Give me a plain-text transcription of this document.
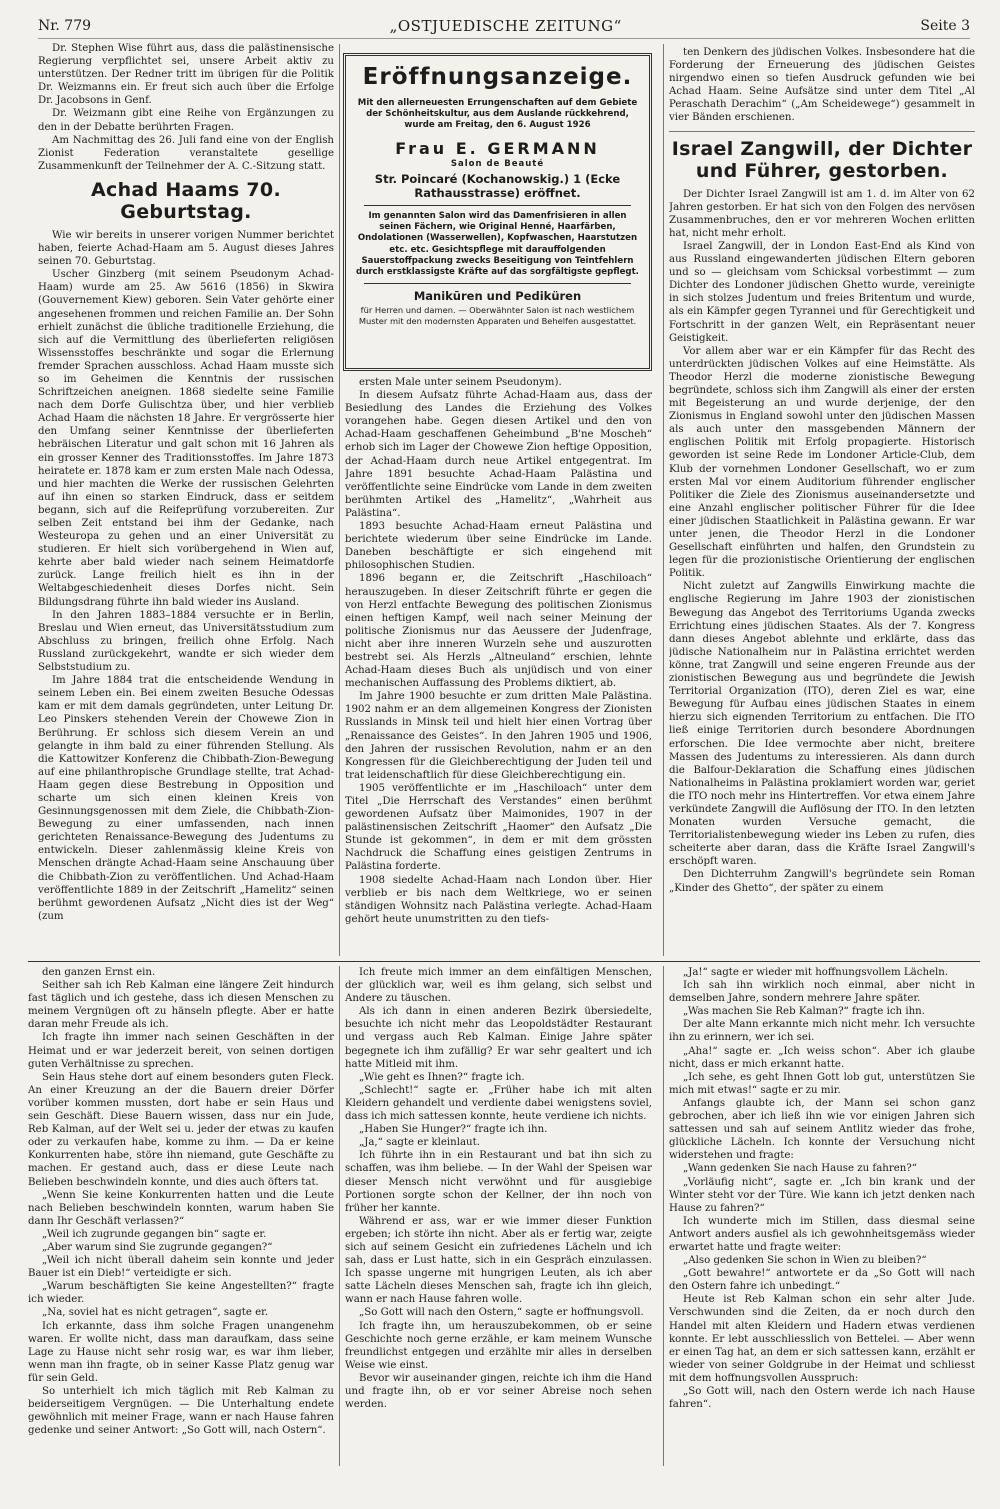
Nr. 779	„OSTJUEDISCHE ZEITUNG“	Seite 3

Dr. Stephen Wise führt aus, dass die palästinensische Regierung verpflichtet sei, unsere Arbeit aktiv zu unterstützen. Der Redner tritt im übrigen für die Politik Dr. Weizmanns ein. Er freut sich auch über die Erfolge Dr. Jacobsons in Genf.

Dr. Weizmann gibt eine Reihe von Ergänzungen zu den in der Debatte berührten Fragen.

Am Nachmittag des 26. Juli fand eine von der English Zionist Federation veranstaltete gesellige Zusammenkunft der Teilnehmer der A. C.-Sitzung statt.

Achad Haams 70. Geburtstag.

Wie wir bereits in unserer vorigen Nummer berichtet haben, feierte Achad-Haam am 5. August dieses Jahres seinen 70. Geburtstag.

Uscher Ginzberg (mit seinem Pseudonym Achad-Haam) wurde am 25. Aw 5616 (1856) in Skwira (Gouvernement Kiew) geboren. Sein Vater gehörte einer angesehenen frommen und reichen Familie an. Der Sohn erhielt zunächst die übliche traditionelle Erziehung, die sich auf die Vermittlung des überlieferten religiösen Wissensstoffes beschränkte und sogar die Erlernung fremder Sprachen ausschloss. Achad Haam musste sich so im Geheimen die Kenntnis der russischen Schriftzeichen aneignen. 1868 siedelte seine Familie nach dem Dorfe Gulischtza über, und hier verblieb Achad Haam die nächsten 18 Jahre. Er vergrösserte hier den Umfang seiner Kenntnisse der überlieferten hebräischen Literatur und galt schon mit 16 Jahren als ein grosser Kenner des Traditionsstoffes. Im Jahre 1873 heiratete er. 1878 kam er zum ersten Male nach Odessa, und hier machten die Werke der russischen Gelehrten auf ihn einen so starken Eindruck, dass er seitdem begann, sich auf die Reifeprüfung vorzubereiten. Zur selben Zeit entstand bei ihm der Gedanke, nach Westeuropa zu gehen und an einer Universität zu studieren. Er hielt sich vorübergehend in Wien auf, kehrte aber bald wieder nach seinem Heimatdorfe zurück. Lange freilich hielt es ihn in der Weltabgeschiedenheit dieses Dorfes nicht. Sein Bildungsdrang führte ihn bald wieder ins Ausland.

In den Jahren 1883–1884 versuchte er in Berlin, Breslau und Wien erneut, das Universitätsstudium zum Abschluss zu bringen, freilich ohne Erfolg. Nach Russland zurückgekehrt, wandte er sich wieder dem Selbststudium zu.

Im Jahre 1884 trat die entscheidende Wendung in seinem Leben ein. Bei einem zweiten Besuche Odessas kam er mit dem damals gegründeten, unter Leitung Dr. Leo Pinskers stehenden Verein der Chowewe Zion in Berührung. Er schloss sich diesem Verein an und gelangte in ihm bald zu einer führenden Stellung. Als die Kattowitzer Konferenz die Chibbath-Zion-Bewegung auf eine philanthropische Grundlage stellte, trat Achad-Haam gegen diese Bestrebung in Opposition und scharte um sich einen kleinen Kreis von Gesinnungsgenossen mit dem Ziele, die Chibbath-Zion-Bewegung zu einer umfassenden, nach innen gerichteten Renaissance-Bewegung des Judentums zu entwickeln. Dieser zahlenmässig kleine Kreis von Menschen drängte Achad-Haam seine Anschauung über die Chibbath-Zion zu veröffentlichen. Und Achad-Haam veröffentlichte 1889 in der Zeitschrift „Hamelitz“ seinen berühmt gewordenen Aufsatz „Nicht dies ist der Weg“ (zum

Eröffnungsanzeige.
Mit den allerneuesten Errungenschaften auf dem Gebiete der Schönheitskultur, aus dem Auslande rückkehrend, wurde am Freitag, den 6. August 1926
Frau E. GERMANN
Salon de Beauté
Str. Poincaré (Kochanowskig.) 1 (Ecke Rathausstrasse) eröffnet.
Im genannten Salon wird das Damenfrisieren in allen seinen Fächern, wie Original Henné, Haarfärben, Ondolationen (Wasserwellen), Kopfwaschen, Haarstutzen etc. etc. Gesichtspflege mit darauffolgenden Sauerstoffpackung zwecks Beseitigung von Teintfehlern durch erstklassigste Kräfte auf das sorgfältigste gepflegt.
Manikūren und Pediküren
für Herren und damen. — Oberwähnter Salon ist nach westlichem Muster mit den modernsten Apparaten und Behelfen ausgestattet.

ersten Male unter seinem Pseudonym).

In diesem Aufsatz führte Achad-Haam aus, dass der Besiedlung des Landes die Erziehung des Volkes vorangehen habe. Gegen diesen Artikel und den von Achad-Haam geschaffenen Geheimbund „B'ne Moscheh“ erhob sich im Lager der Chowewe Zion heftige Opposition, der Achad-Haam durch neue Artikel entgegentrat. Im Jahre 1891 besuchte Achad-Haam Palästina und veröffentlichte seine Eindrücke vom Lande in dem zweiten berühmten Artikel des „Hamelitz“, „Wahrheit aus Palästina“.

1893 besuchte Achad-Haam erneut Palästina und berichtete wiederum über seine Eindrücke im Lande. Daneben beschäftigte er sich eingehend mit philosophischen Studien.

1896 begann er, die Zeitschrift „Haschiloach“ herauszugeben. In dieser Zeitschrift führte er gegen die von Herzl entfachte Bewegung des politischen Zionismus einen heftigen Kampf, weil nach seiner Meinung der politische Zionismus nur das Aeussere der Judenfrage, nicht aber ihre inneren Wurzeln sehe und auszurotten bestrebt sei. Als Herzls „Altneuland“ erschien, lehnte Achad-Haam dieses Buch als unjüdisch und von einer mechanischen Auffassung des Problems diktiert, ab.

Im Jahre 1900 besuchte er zum dritten Male Palästina. 1902 nahm er an dem allgemeinen Kongress der Zionisten Russlands in Minsk teil und hielt hier einen Vortrag über „Renaissance des Geistes“. In den Jahren 1905 und 1906, den Jahren der russischen Revolution, nahm er an den Kongressen für die Gleichberechtigung der Juden teil und trat leidenschaftlich für diese Gleichberechtigung ein.

1905 veröffentlichte er im „Haschiloach“ unter dem Titel „Die Herrschaft des Verstandes“ einen berühmt gewordenen Aufsatz über Maimonides, 1907 in der palästinensischen Zeitschrift „Haomer“ den Aufsatz „Die Stunde ist gekommen“, in dem er mit dem grössten Nachdruck die Schaffung eines geistigen Zentrums in Palästina forderte.

1908 siedelte Achad-Haam nach London über. Hier verblieb er bis nach dem Weltkriege, wo er seinen ständigen Wohnsitz nach Palästina verlegte. Achad-Haam gehört heute unumstritten zu den tiefs-

ten Denkern des jüdischen Volkes. Insbesondere hat die Forderung der Erneuerung des jüdischen Geistes nirgendwo einen so tiefen Ausdruck gefunden wie bei Achad Haam. Seine Aufsätze sind unter dem Titel „Al Peraschath Derachim“ („Am Scheidewege“) gesammelt in vier Bänden erschienen.

Israel Zangwill, der Dichter und Führer, gestorben.

Der Dichter Israel Zangwill ist am 1. d. im Alter von 62 Jahren gestorben. Er hat sich von den Folgen des nervösen Zusammenbruches, den er vor mehreren Wochen erlitten hat, nicht mehr erholt.

Israel Zangwill, der in London East-End als Kind von aus Russland eingewanderten jüdischen Eltern geboren und so — gleichsam vom Schicksal vorbestimmt — zum Dichter des Londoner jüdischen Ghetto wurde, vereinigte in sich stolzes Judentum und freies Britentum und wurde, als ein Kämpfer gegen Tyrannei und für Gerechtigkeit und Fortschritt in der ganzen Welt, ein Repräsentant neuer Geistigkeit.

Vor allem aber war er ein Kämpfer für das Recht des unterdrückten jüdischen Volkes auf eine Heimstätte. Als Theodor Herzl die moderne zionistische Bewegung begründete, schloss sich ihm Zangwill als einer der ersten mit Begeisterung an und wurde derjenige, der den Zionismus in England sowohl unter den jüdischen Massen als auch unter den massgebenden Männern der englischen Politik mit Erfolg propagierte. Historisch geworden ist seine Rede im Londoner Article-Club, dem Klub der vornehmen Londoner Gesellschaft, wo er zum ersten Mal vor einem Auditorium führender englischer Politiker die Ziele des Zionismus auseinandersetzte und eine Anzahl englischer politischer Führer für die Idee einer jüdischen Staatlichkeit in Palästina gewann. Er war unter jenen, die Theodor Herzl in die Londoner Gesellschaft einführten und halfen, den Grundstein zu legen für die prozionistische Orientierung der englischen Politik.

Nicht zuletzt auf Zangwills Einwirkung machte die englische Regierung im Jahre 1903 der zionistischen Bewegung das Angebot des Territoriums Uganda zwecks Errichtung eines jüdischen Staates. Als der 7. Kongress dann dieses Angebot ablehnte und erklärte, dass das jüdische Nationalheim nur in Palästina errichtet werden könne, trat Zangwill und seine engeren Freunde aus der zionistischen Bewegung aus und begründete die Jewish Territorial Organization (ITO), deren Ziel es war, eine Bewegung für Aufbau eines jüdischen Staates in einem hierzu sich eignenden Territorium zu entfachen. Die ITO ließ einige Territorien durch besondere Abordnungen erforschen. Die Idee vermochte aber nicht, breitere Massen des Judentums zu interessieren. Als dann durch die Balfour-Deklaration die Schaffung eines jüdischen Nationalheims in Palästina proklamiert worden war, geriet die ITO noch mehr ins Hintertreffen. Vor etwa einem Jahre verkündete Zangwill die Auflösung der ITO. In den letzten Monaten wurden Versuche gemacht, die Territorialistenbewegung wieder ins Leben zu rufen, dies scheiterte aber daran, dass die Kräfte Israel Zangwill's erschöpft waren.

Den Dichterruhm Zangwill's begründete sein Roman „Kinder des Ghetto“, der später zu einem

den ganzen Ernst ein.

Seither sah ich Reb Kalman eine längere Zeit hindurch fast täglich und ich gestehe, dass ich diesen Menschen zu meinem Vergnügen oft zu hänseln pflegte. Aber er hatte daran mehr Freude als ich.

Ich fragte ihn immer nach seinen Geschäften in der Heimat und er war jederzeit bereit, von seinen dortigen guten Verhältnisse zu sprechen.

Sein Haus stehe dort auf einem besonders guten Fleck. An einer Kreuzung an der die Bauern dreier Dörfer vorüber kommen mussten, dort habe er sein Haus und sein Geschäft. Diese Bauern wissen, dass nur ein Jude, Reb Kalman, auf der Welt sei u. jeder der etwas zu kaufen oder zu verkaufen habe, komme zu ihm. — Da er keine Konkurrenten habe, störe ihn niemand, gute Geschäfte zu machen. Er gestand auch, dass er diese Leute nach Belieben beschwindeln konnte, und dies auch öfters tat.

„Wenn Sie keine Konkurrenten hatten und die Leute nach Belieben beschwindeln konnten, warum haben Sie dann Ihr Geschäft verlassen?“

„Weil ich zugrunde gegangen bin“ sagte er.

„Aber warum sind Sie zugrunde gegangen?“

„Weil ich nicht überall daheim sein konnte und jeder Bauer ist ein Dieb!“ verteidigte er sich.

„Warum beschäftigten Sie keine Angestellten?“ fragte ich wieder.

„Na, soviel hat es nicht getragen“, sagte er.

Ich erkannte, dass ihm solche Fragen unangenehm waren. Er wollte nicht, dass man daraufkam, dass seine Lage zu Hause nicht sehr rosig war, es war ihm lieber, wenn man ihn fragte, ob in seiner Kasse Platz genug war für sein Geld.

So unterhielt ich mich täglich mit Reb Kalman zu beiderseitigem Vergnügen. — Die Unterhaltung endete gewöhnlich mit meiner Frage, wann er nach Hause fahren gedenke und seiner Antwort: „So Gott will, nach Ostern“.

Ich freute mich immer an dem einfältigen Menschen, der glücklich war, weil es ihm gelang, sich selbst und Andere zu täuschen.

Als ich dann in einen anderen Bezirk übersiedelte, besuchte ich nicht mehr das Leopoldstädter Restaurant und vergass auch Reb Kalman. Einige Jahre später begegnete ich ihm zufällig? Er war sehr gealtert und ich hatte Mitleid mit ihm.

„Wie geht es Ihnen?“ fragte ich.

„Schlecht!“ sagte er. „Früher habe ich mit alten Kleidern gehandelt und verdiente dabei wenigstens soviel, dass ich mich sattessen konnte, heute verdiene ich nichts.

„Haben Sie Hunger?“ fragte ich ihn.

„Ja,“ sagte er kleinlaut.

Ich führte ihn in ein Restaurant und bat ihn sich zu schaffen, was ihm beliebe. — In der Wahl der Speisen war dieser Mensch nicht verwöhnt und für ausgiebige Portionen sorgte schon der Kellner, der ihn noch von früher her kannte.

Während er ass, war er wie immer dieser Funktion ergeben; ich störte ihn nicht. Aber als er fertig war, zeigte sich auf seinem Gesicht ein zufriedenes Lächeln und ich sah, dass er Lust hatte, sich in ein Gespräch einzulassen. Ich spasse ungerne mit hungrigen Leuten, als ich aber satte Lächeln dieses Menschen sah, fragte ich ihn gleich, wann er nach Hause fahren wolle.

„So Gott will nach den Ostern,“ sagte er hoffnungsvoll.

Ich fragte ihn, um herauszubekommen, ob er seine Geschichte noch gerne erzähle, er kam meinem Wunsche freundlichst entgegen und erzählte mir alles in derselben Weise wie einst.

Bevor wir auseinander gingen, reichte ich ihm die Hand und fragte ihn, ob er vor seiner Abreise noch sehen werden.

„Ja!“ sagte er wieder mit hoffnungsvollem Lächeln.

Ich sah ihn wirklich noch einmal, aber nicht in demselben Jahre, sondern mehrere Jahre später.

„Was machen Sie Reb Kalman?“ fragte ich ihn.

Der alte Mann erkannte mich nicht mehr. Ich versuchte ihn zu erinnern, wer ich sei.

„Aha!“ sagte er. „Ich weiss schon“. Aber ich glaube nicht, dass er mich erkannt hatte.

„Ich sehe, es geht Ihnen Gott lob gut, unterstützen Sie mich mit etwas!“ sagte er zu mir.

Anfangs glaubte ich, der Mann sei schon ganz gebrochen, aber ich ließ ihn wie vor einigen Jahren sich sattessen und sah auf seinem Antlitz wieder das frohe, glückliche Lächeln. Ich konnte der Versuchung nicht widerstehen und fragte:

„Wann gedenken Sie nach Hause zu fahren?“

„Vorläufig nicht“, sagte er. „Ich bin krank und der Winter steht vor der Türe. Wie kann ich jetzt denken nach Hause zu fahren?“

Ich wunderte mich im Stillen, dass diesmal seine Antwort anders ausfiel als ich gewohnheitsgemäss wieder erwartet hatte und fragte weiter:

„Also gedenken Sie schon in Wien zu bleiben?“

„Gott bewahre!“ antwortete er da „So Gott will nach den Ostern fahre ich unbedingt.“

Heute ist Reb Kalman schon ein sehr alter Jude. Verschwunden sind die Zeiten, da er noch durch den Handel mit alten Kleidern und Hadern etwas verdienen konnte. Er lebt ausschliesslich von Bettelei. — Aber wenn er einen Tag hat, an dem er sich sattessen kann, erzählt er wieder von seiner Goldgrube in der Heimat und schliesst mit dem hoffnungsvollen Ausspruch:

„So Gott will, nach den Ostern werde ich nach Hause fahren“.
